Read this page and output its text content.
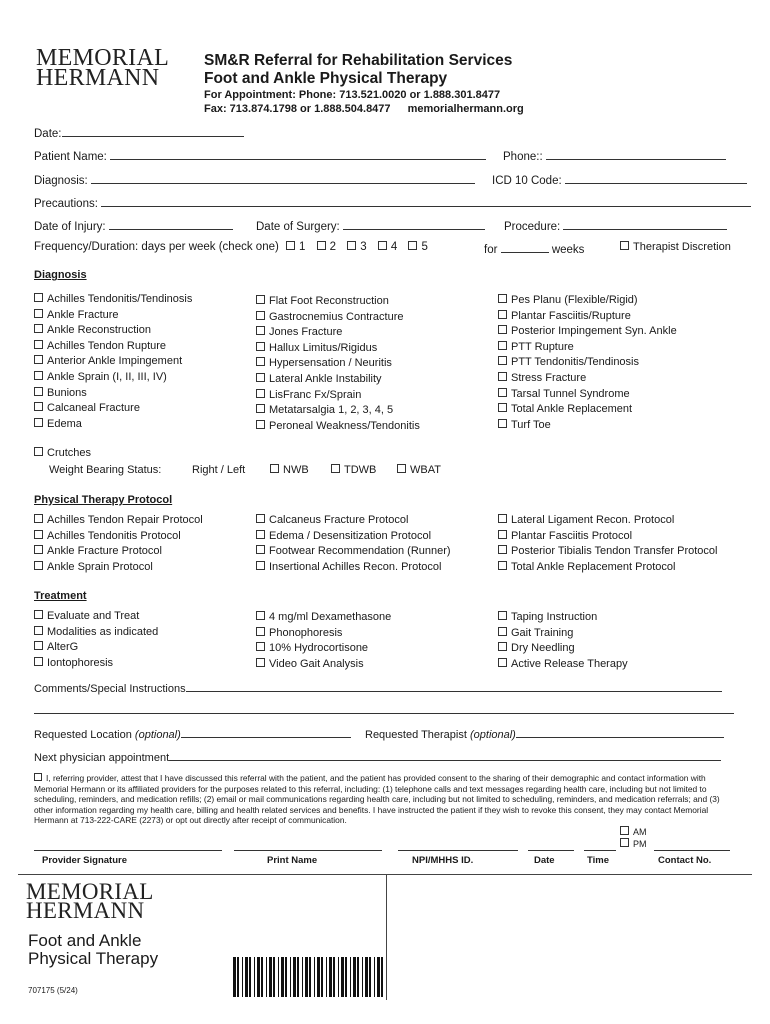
MEMORIAL
HERMANN
SM&R Referral for Rehabilitation Services
Foot and Ankle Physical Therapy
For Appointment: Phone: 713.521.0020 or 1.888.301.8477
Fax: 713.874.1798 or 1.888.504.8477 memorialhermann.org
Date:
Patient Name:	Phone::
Diagnosis:	ICD 10 Code:
Precautions:
Date of Injury:	Date of Surgery:	Procedure:
Frequency/Duration: days per week (check one) 1 2 3 4 5	for	weeks	Therapist Discretion
Diagnosis
Achilles Tendonitis/Tendinosis
Ankle Fracture
Ankle Reconstruction
Achilles Tendon Rupture
Anterior Ankle Impingement
Ankle Sprain (I, II, III, IV)
Bunions
Calcaneal Fracture
Edema
Flat Foot Reconstruction
Gastrocnemius Contracture
Jones Fracture
Hallux Limitus/Rigidus
Hypersensation / Neuritis
Lateral Ankle Instability
LisFranc Fx/Sprain
Metatarsalgia 1, 2, 3, 4, 5
Peroneal Weakness/Tendonitis
Pes Planu (Flexible/Rigid)
Plantar Fasciitis/Rupture
Posterior Impingement Syn. Ankle
PTT Rupture
PTT Tendonitis/Tendinosis
Stress Fracture
Tarsal Tunnel Syndrome
Total Ankle Replacement
Turf Toe
Crutches
Weight Bearing Status:	Right / Left	NWB	TDWB	WBAT
Physical Therapy Protocol
Achilles Tendon Repair Protocol
Achilles Tendonitis Protocol
Ankle Fracture Protocol
Ankle Sprain Protocol
Calcaneus Fracture Protocol
Edema / Desensitization Protocol
Footwear Recommendation (Runner)
Insertional Achilles Recon. Protocol
Lateral Ligament Recon. Protocol
Plantar Fasciitis Protocol
Posterior Tibialis Tendon Transfer Protocol
Total Ankle Replacement Protocol
Treatment
Evaluate and Treat
Modalities as indicated
AlterG
Iontophoresis
4 mg/ml Dexamethasone
Phonophoresis
10% Hydrocortisone
Video Gait Analysis
Taping Instruction
Gait Training
Dry Needling
Active Release Therapy
Comments/Special Instructions
Requested Location (optional)	Requested Therapist (optional)
Next physician appointment
I, referring provider, attest that I have discussed this referral with the patient, and the patient has provided consent to the sharing of their demographic and contact information with Memorial Hermann or its affiliated providers for the purposes related to this referral, including: (1) telephone calls and text messages regarding health care, including but not limited to scheduling, reminders, and medication refills; (2) email or mail communications regarding health care, including but not limited to scheduling, reminders, and medication referrals; and (3) other information regarding my health care, billing and health related services and benefits. I have instructed the patient if they wish to revoke this consent, they may contact Memorial Hermann at 713-222-CARE (2273) or opt out directly after receipt of communication.
AM
PM
Provider Signature	Print Name	NPI/MHHS ID.	Date	Time	Contact No.
MEMORIAL
HERMANN
Foot and Ankle
Physical Therapy
707175 (5/24)
